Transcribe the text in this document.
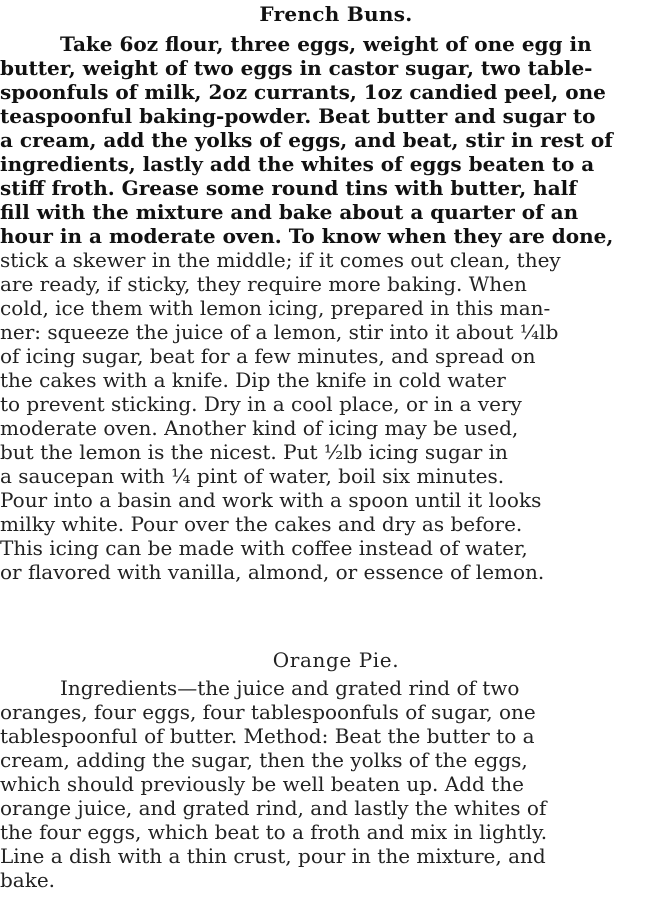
French Buns.
Take 6oz flour, three eggs, weight of one egg in
butter, weight of two eggs in castor sugar, two table-
spoonfuls of milk, 2oz currants, 1oz candied peel, one
teaspoonful baking-powder. Beat butter and sugar to
a cream, add the yolks of eggs, and beat, stir in rest of
ingredients, lastly add the whites of eggs beaten to a
stiff froth. Grease some round tins with butter, half
fill with the mixture and bake about a quarter of an
hour in a moderate oven. To know when they are done,
stick a skewer in the middle; if it comes out clean, they
are ready, if sticky, they require more baking. When
cold, ice them with lemon icing, prepared in this man-
ner: squeeze the juice of a lemon, stir into it about ¼lb
of icing sugar, beat for a few minutes, and spread on
the cakes with a knife. Dip the knife in cold water
to prevent sticking. Dry in a cool place, or in a very
moderate oven. Another kind of icing may be used,
but the lemon is the nicest. Put ½lb icing sugar in
a saucepan with ¼ pint of water, boil six minutes.
Pour into a basin and work with a spoon until it looks
milky white. Pour over the cakes and dry as before.
This icing can be made with coffee instead of water,
or flavored with vanilla, almond, or essence of lemon.
Orange Pie.
Ingredients—the juice and grated rind of two
oranges, four eggs, four tablespoonfuls of sugar, one
tablespoonful of butter. Method: Beat the butter to a
cream, adding the sugar, then the yolks of the eggs,
which should previously be well beaten up. Add the
orange juice, and grated rind, and lastly the whites of
the four eggs, which beat to a froth and mix in lightly.
Line a dish with a thin crust, pour in the mixture, and
bake.
